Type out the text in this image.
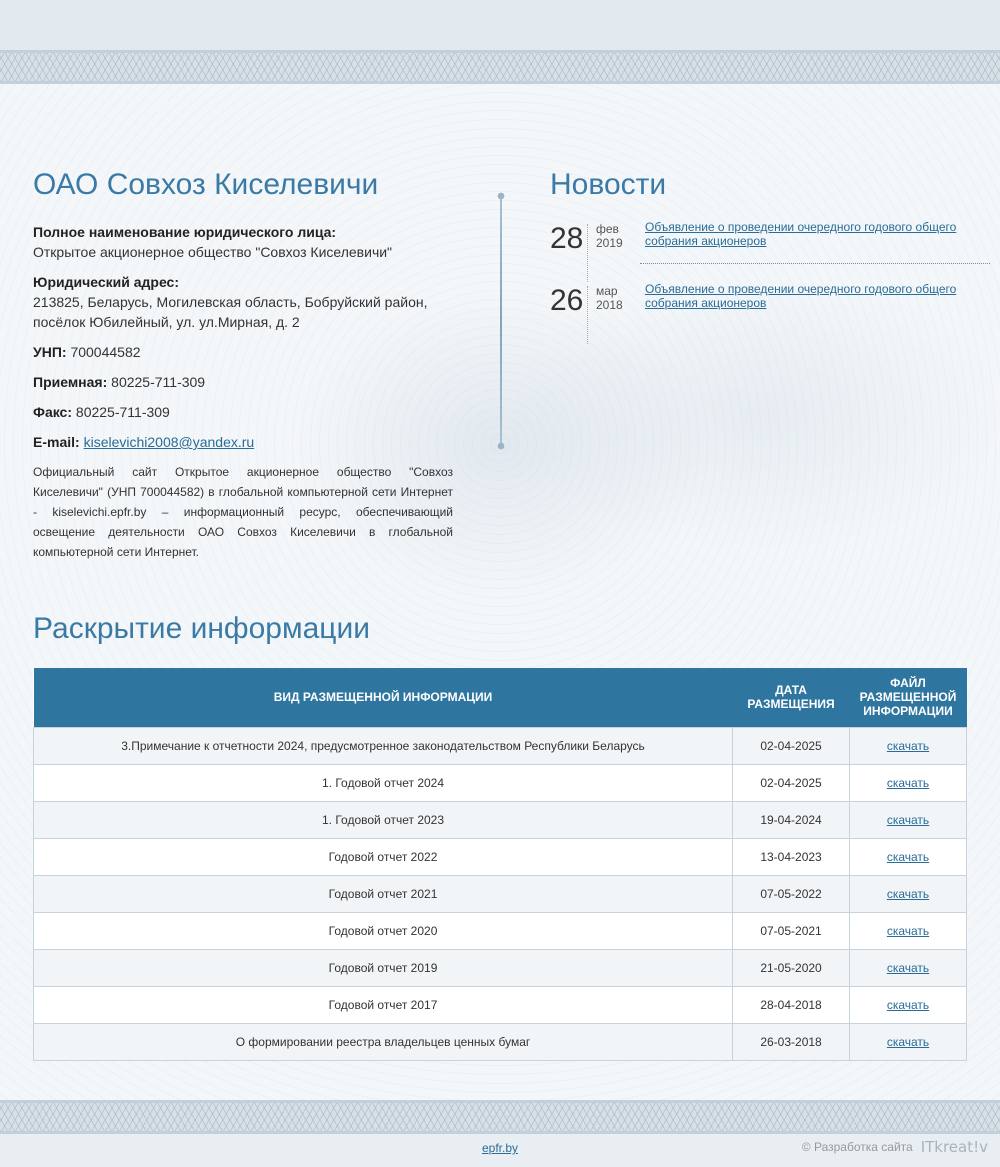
ОАО Совхоз Киселевичи
Полное наименование юридического лица:
Открытое акционерное общество "Совхоз Киселевичи"
Юридический адрес:
213825, Беларусь, Могилевская область, Бобруйский район, посёлок Юбилейный, ул. ул.Мирная, д. 2
УНП: 700044582
Приемная: 80225-711-309
Факс: 80225-711-309
E-mail: kiselevichi2008@yandex.ru

Официальный сайт Открытое акционерное общество "Совхоз Киселевичи" (УНП 700044582) в глобальной компьютерной сети Интернет - kiselevichi.epfr.by – информационный ресурс, обеспечивающий освещение деятельности ОАО Совхоз Киселевичи в глобальной компьютерной сети Интернет.

Новости
28	фев
2019
Объявление о проведении очередного годового общего собрания акционеров
26	мар
2018
Объявление о проведении очередного годового общего собрания акционеров
Раскрытие информации
ВИД РАЗМЕЩЕННОЙ ИНФОРМАЦИИ	ДАТА РАЗМЕЩЕНИЯ	ФАЙЛ РАЗМЕЩЕННОЙ ИНФОРМАЦИИ
3.Примечание к отчетности 2024, предусмотренное законодательством Республики Беларусь	02-04-2025	скачать
1. Годовой отчет 2024	02-04-2025	скачать
1. Годовой отчет 2023	19-04-2024	скачать
Годовой отчет 2022	13-04-2023	скачать
Годовой отчет 2021	07-05-2022	скачать
Годовой отчет 2020	07-05-2021	скачать
Годовой отчет 2019	21-05-2020	скачать
Годовой отчет 2017	28-04-2018	скачать
О формировании реестра владельцев ценных бумаг	26-03-2018	скачать
epfr.by	© Разработка сайта ITkreat!v
